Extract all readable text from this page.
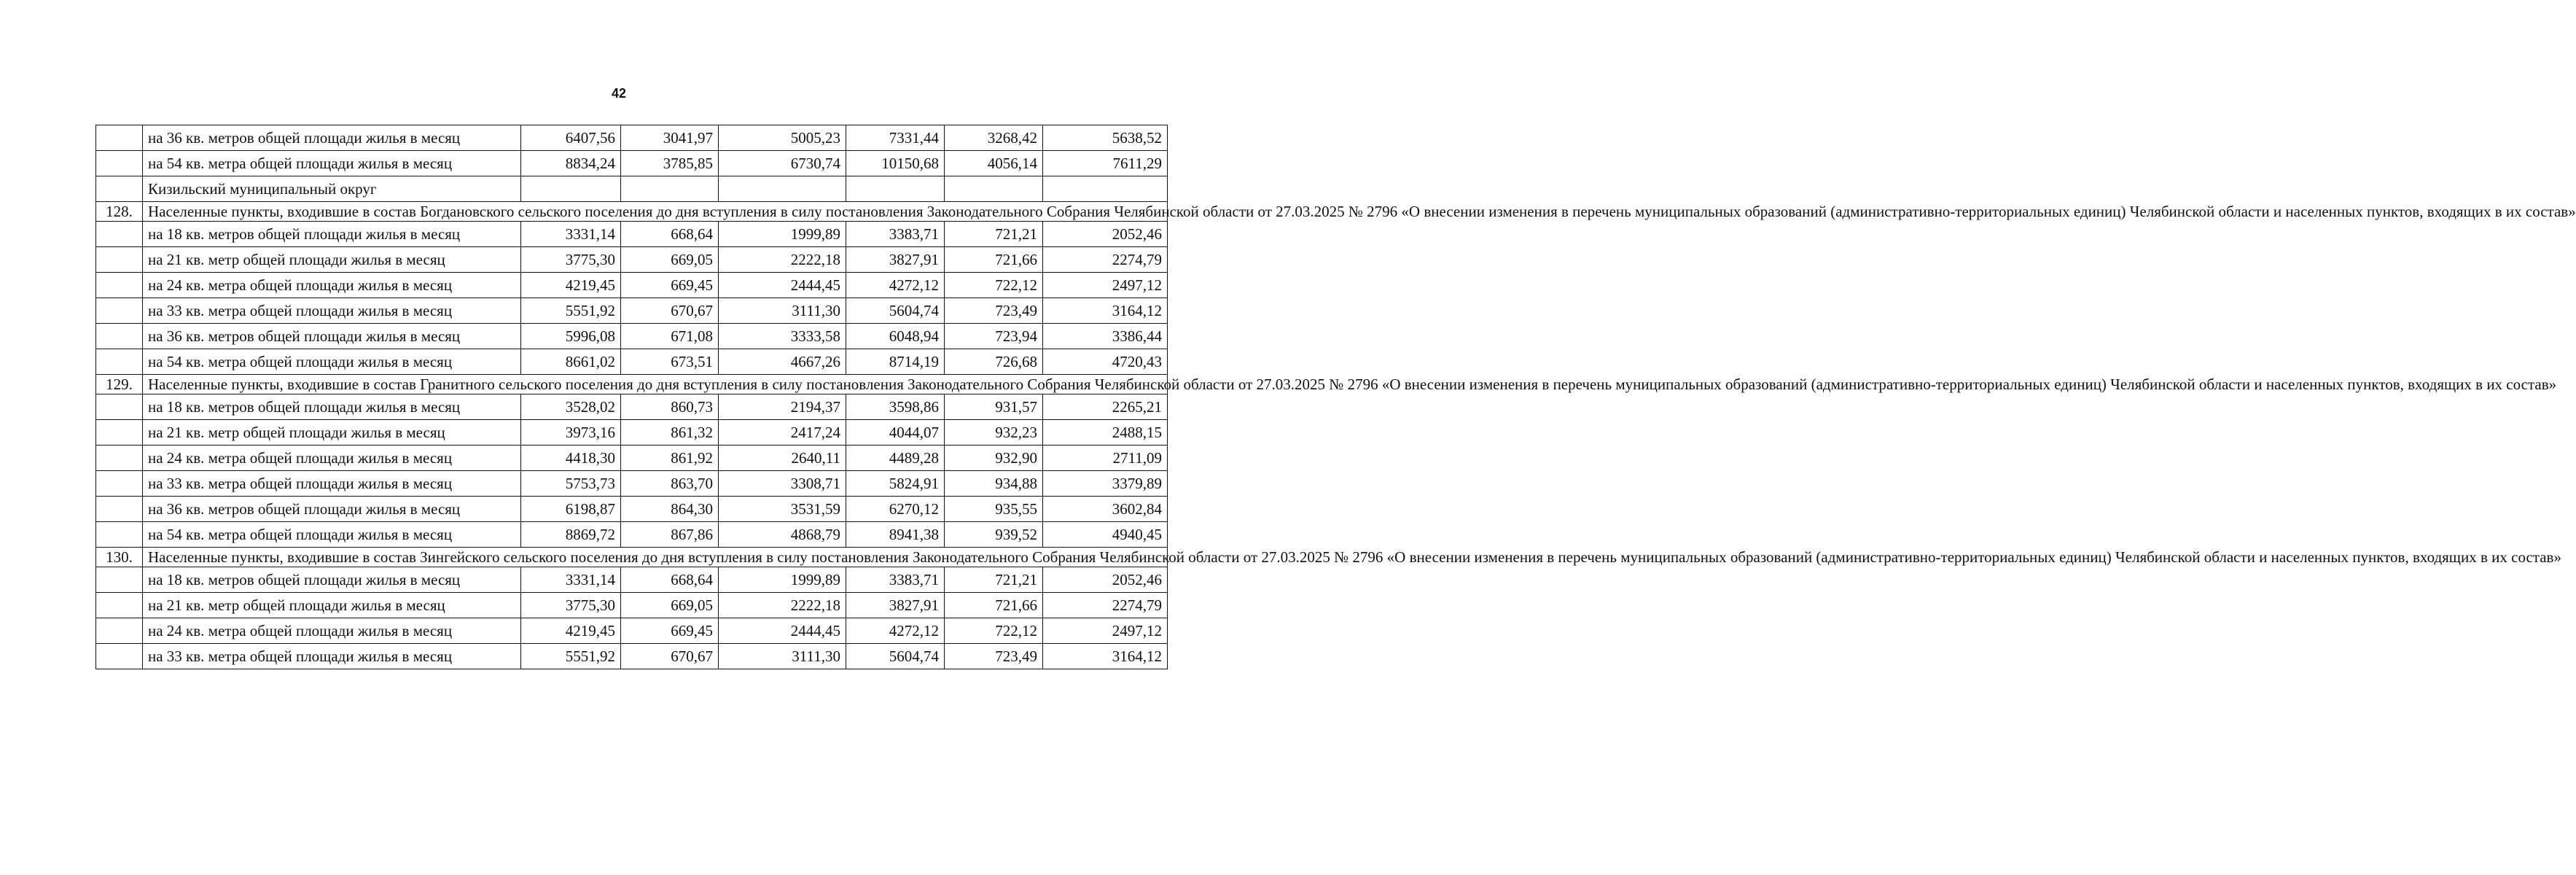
42
	на 36 кв. метров общей площади жилья в месяц	6407,56	3041,97	5005,23	7331,44	3268,42	5638,52
	на 54 кв. метра общей площади жилья в месяц	8834,24	3785,85	6730,74	10150,68	4056,14	7611,29
	Кизильский муниципальный округ						
128.	Населенные пункты, входившие в состав Богдановского сельского поселения до дня вступления в силу постановления Законодательного Собрания Челябинской области от 27.03.2025 № 2796 «О внесении изменения в перечень муниципальных образований (административно-территориальных единиц) Челябинской области и населенных пунктов, входящих в их состав»						
	на 18 кв. метров общей площади жилья в месяц	3331,14	668,64	1999,89	3383,71	721,21	2052,46
	на 21 кв. метр общей площади жилья в месяц	3775,30	669,05	2222,18	3827,91	721,66	2274,79
	на 24 кв. метра общей площади жилья в месяц	4219,45	669,45	2444,45	4272,12	722,12	2497,12
	на 33 кв. метра общей площади жилья в месяц	5551,92	670,67	3111,30	5604,74	723,49	3164,12
	на 36 кв. метров общей площади жилья в месяц	5996,08	671,08	3333,58	6048,94	723,94	3386,44
	на 54 кв. метра общей площади жилья в месяц	8661,02	673,51	4667,26	8714,19	726,68	4720,43
129.	Населенные пункты, входившие в состав Гранитного сельского поселения до дня вступления в силу постановления Законодательного Собрания Челябинской области от 27.03.2025 № 2796 «О внесении изменения в перечень муниципальных образований (административно-территориальных единиц) Челябинской области и населенных пунктов, входящих в их состав»						
	на 18 кв. метров общей площади жилья в месяц	3528,02	860,73	2194,37	3598,86	931,57	2265,21
	на 21 кв. метр общей площади жилья в месяц	3973,16	861,32	2417,24	4044,07	932,23	2488,15
	на 24 кв. метра общей площади жилья в месяц	4418,30	861,92	2640,11	4489,28	932,90	2711,09
	на 33 кв. метра общей площади жилья в месяц	5753,73	863,70	3308,71	5824,91	934,88	3379,89
	на 36 кв. метров общей площади жилья в месяц	6198,87	864,30	3531,59	6270,12	935,55	3602,84
	на 54 кв. метра общей площади жилья в месяц	8869,72	867,86	4868,79	8941,38	939,52	4940,45
130.	Населенные пункты, входившие в состав Зингейского сельского поселения до дня вступления в силу постановления Законодательного Собрания Челябинской области от 27.03.2025 № 2796 «О внесении изменения в перечень муниципальных образований (административно-территориальных единиц) Челябинской области и населенных пунктов, входящих в их состав»						
	на 18 кв. метров общей площади жилья в месяц	3331,14	668,64	1999,89	3383,71	721,21	2052,46
	на 21 кв. метр общей площади жилья в месяц	3775,30	669,05	2222,18	3827,91	721,66	2274,79
	на 24 кв. метра общей площади жилья в месяц	4219,45	669,45	2444,45	4272,12	722,12	2497,12
	на 33 кв. метра общей площади жилья в месяц	5551,92	670,67	3111,30	5604,74	723,49	3164,12
